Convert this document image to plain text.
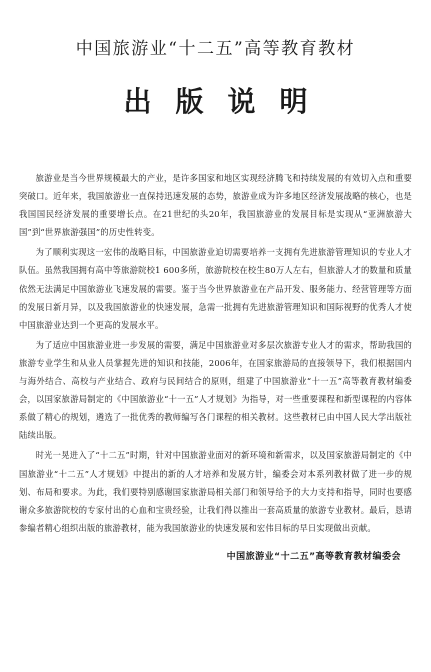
中国旅游业“十二五”高等教育教材
出版说明

旅游业是当今世界规模最大的产业，是许多国家和地区实现经济腾飞和持续发展的有效切入点和重要突破口。近年来，我国旅游业一直保持迅速发展的态势，旅游业成为许多地区经济发展战略的核心，也是我国国民经济发展的重要增长点。在21世纪的头20年，我国旅游业的发展目标是实现从“亚洲旅游大国”到“世界旅游强国”的历史性转变。

为了顺利实现这一宏伟的战略目标，中国旅游业迫切需要培养一支拥有先进旅游管理知识的专业人才队伍。虽然我国拥有高中等旅游院校1 600多所，旅游院校在校生80万人左右，但旅游人才的数量和质量依然无法满足中国旅游业飞速发展的需要。鉴于当今世界旅游业在产品开发、服务能力、经营管理等方面的发展日新月异，以及我国旅游业的快速发展，急需一批拥有先进旅游管理知识和国际视野的优秀人才使中国旅游业达到一个更高的发展水平。

为了适应中国旅游业进一步发展的需要，满足中国旅游业对多层次旅游专业人才的需求，帮助我国的旅游专业学生和从业人员掌握先进的知识和技能，2006年，在国家旅游局的直接领导下，我们根据国内与海外结合、高校与产业结合、政府与民间结合的原则，组建了中国旅游业“十一五”高等教育教材编委会，以国家旅游局制定的《中国旅游业“十一五”人才规划》为指导，对一些重要课程和新型课程的内容体系做了精心的规划，遴选了一批优秀的教师编写各门课程的相关教材。这些教材已由中国人民大学出版社陆续出版。

时光一晃进入了“十二五”时期，针对中国旅游业面对的新环境和新需求，以及国家旅游局制定的《中国旅游业“十二五”人才规划》中提出的新的人才培养和发展方针，编委会对本系列教材做了进一步的规划、布局和要求。为此，我们要特别感谢国家旅游局相关部门和领导给予的大力支持和指导，同时也要感谢众多旅游院校的专家付出的心血和宝贵经验，让我们得以推出一套高质量的旅游专业教材。最后，恳请参编者精心组织出版的旅游教材，能为我国旅游业的快速发展和宏伟目标的早日实现做出贡献。

中国旅游业“十二五”高等教育教材编委会
